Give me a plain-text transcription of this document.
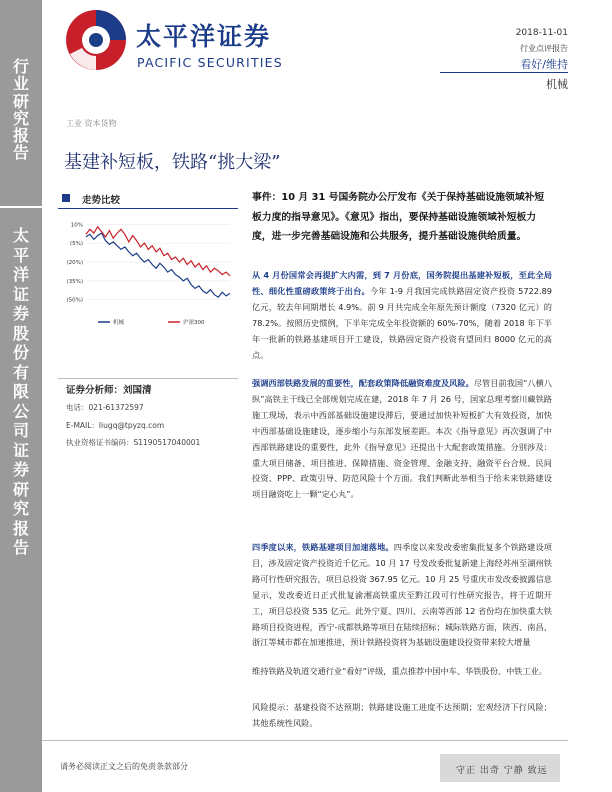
行
业
研
究
报
告
太
平
洋
证
券
股
份
有
限
公
司
证
券
研
究
报
告
太平洋证券
PACIFIC SECURITIES
2018-11-01
行业点评报告
看好/维持
机械
工业 资本货物
基建补短板，铁路“挑大梁”
走势比较
10%
(5%)
(20%)
(35%)
(50%)
机械	沪深300
证券分析师：刘国清
电话：021-61372597
E-MAIL：liugq@tpyzq.com
执业资格证书编码：S1190517040001
事件：10 月 31 号国务院办公厅发布《关于保持基础设施领域补短板力度的指导意见》。《意见》指出，要保持基础设施领域补短板力度，进一步完善基础设施和公共服务，提升基础设施供给质量。
从 4 月份国常会再提扩大内需，到 7 月份底，国务院提出基建补短板，至此全局性、细化性重磅政策终于出台。今年 1-9 月我国完成铁路固定资产投资 5722.89 亿元，较去年同期增长 4.9%。前 9 月共完成全年原先预计额度（7320 亿元）的 78.2%。按照历史惯例，下半年完成全年投资额的 60%-70%，随着 2018 年下半年一批新的铁路基建项目开工建设，铁路固定资产投资有望回归 8000 亿元的高点。
强调西部铁路发展的重要性，配套政策降低融资难度及风险。尽管目前我国“八横八纵”高铁主干线已全部规划完成在建，2018 年 7 月 26 号，国家总理考察川藏铁路施工现场，表示中西部基础设施建设滞后，要通过加快补短板扩大有效投资，加快中西部基础设施建设，逐步缩小与东部发展差距。本次《指导意见》再次强调了中西部铁路建设的重要性，此外《指导意见》还提出十大配套政策措施。分别涉及：重大项目储备、项目推进、保障措施、资金管理、金融支持、融资平台合规、民间投资、PPP、政策引导、防范风险十个方面。我们判断此举相当于给未来铁路建设项目融资吃上一颗“定心丸”。
四季度以来，铁路基建项目加速落地。四季度以来发改委密集批复多个铁路建设项目，涉及固定资产投资近千亿元。10 月 17 号发改委批复新建上海经苏州至湖州铁路可行性研究报告，项目总投资 367.95 亿元。10 月 25 号重庆市发改委披露信息显示，发改委近日正式批复渝湘高铁重庆至黔江段可行性研究报告，将于近期开工，项目总投资 535 亿元。此外宁夏、四川、云南等西部 12 省份均在加快重大铁路项目投资进程，西宁-成都铁路等项目在陆续招标；城际铁路方面，陕西、南昌、浙江等城市都在加速推进，预计铁路投资将为基础设施建设投资带来较大增量
维持铁路及轨道交通行业“看好”评级，重点推荐中国中车、华铁股份、中铁工业。
风险提示：基建投资不达预期；铁路建设施工进度不达预期；宏观经济下行风险；其他系统性风险。
请务必阅读正文之后的免责条款部分	守正 出奇 宁静 致远
